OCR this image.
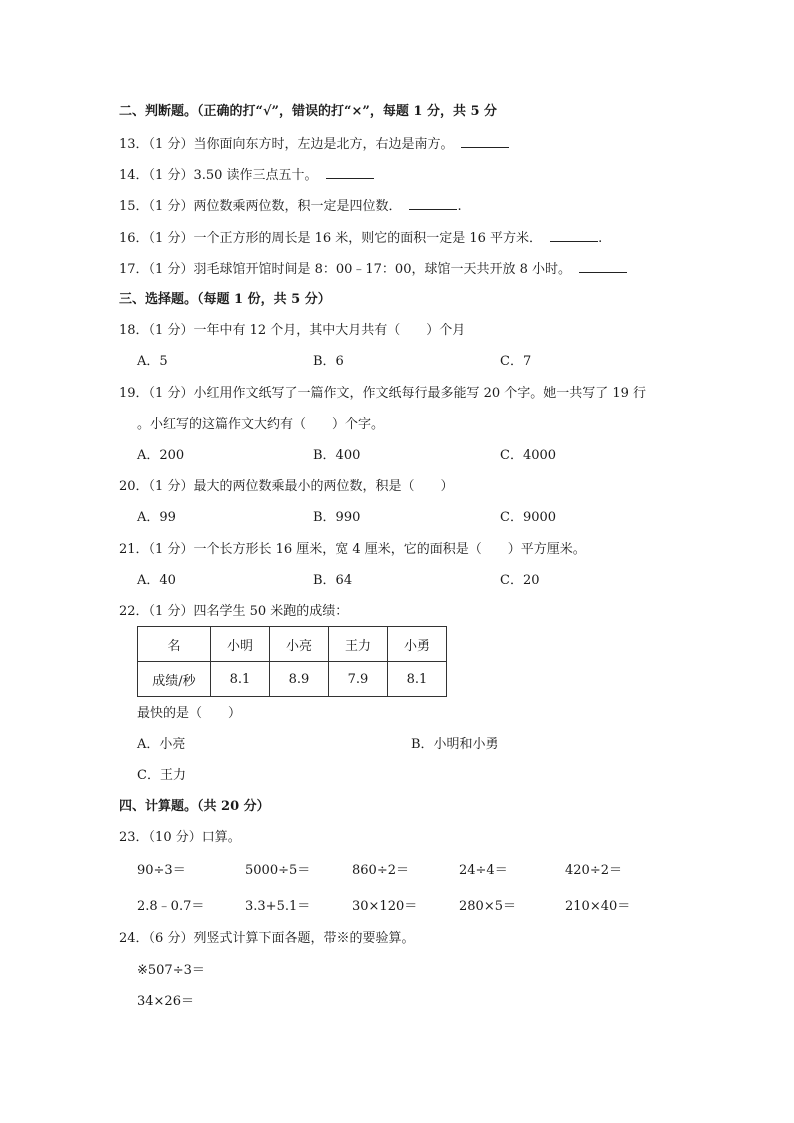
二、判断题。（正确的打“√”，错误的打“×”，每题 1 分，共 5 分
13．（1 分）当你面向东方时，左边是北方，右边是南方。
14．（1 分）3.50 读作三点五十。
15．（1 分）两位数乘两位数，积一定是四位数．	.
16．（1 分）一个正方形的周长是 16 米，则它的面积一定是 16 平方米．	.
17．（1 分）羽毛球馆开馆时间是 8：00﹣17：00，球馆一天共开放 8 小时。
三、选择题。（每题 1 份，共 5 分）
18．（1 分）一年中有 12 个月，其中大月共有（　　）个月
A．5	B．6	C．7
19．（1 分）小红用作文纸写了一篇作文，作文纸每行最多能写 20 个字。她一共写了 19 行
。小红写的这篇作文大约有（　　）个字。
A．200	B．400	C．4000
20．（1 分）最大的两位数乘最小的两位数，积是（　　）
A．99	B．990	C．9000
21．（1 分）一个长方形长 16 厘米，宽 4 厘米，它的面积是（　　）平方厘米。
A．40	B．64	C．20
22．（1 分）四名学生 50 米跑的成绩：
名	小明	小亮	王力	小勇
成绩/秒	8.1	8.9	7.9	8.1
最快的是（　　）
A．小亮	B．小明和小勇
C．王力
四、计算题。（共 20 分）
23．（10 分）口算。
90÷3＝	5000÷5＝	860÷2＝	24÷4＝	420÷2＝
2.8﹣0.7＝	3.3+5.1＝	30×120＝	280×5＝	210×40＝
24．（6 分）列竖式计算下面各题，带※的要验算。
※507÷3＝
34×26＝
